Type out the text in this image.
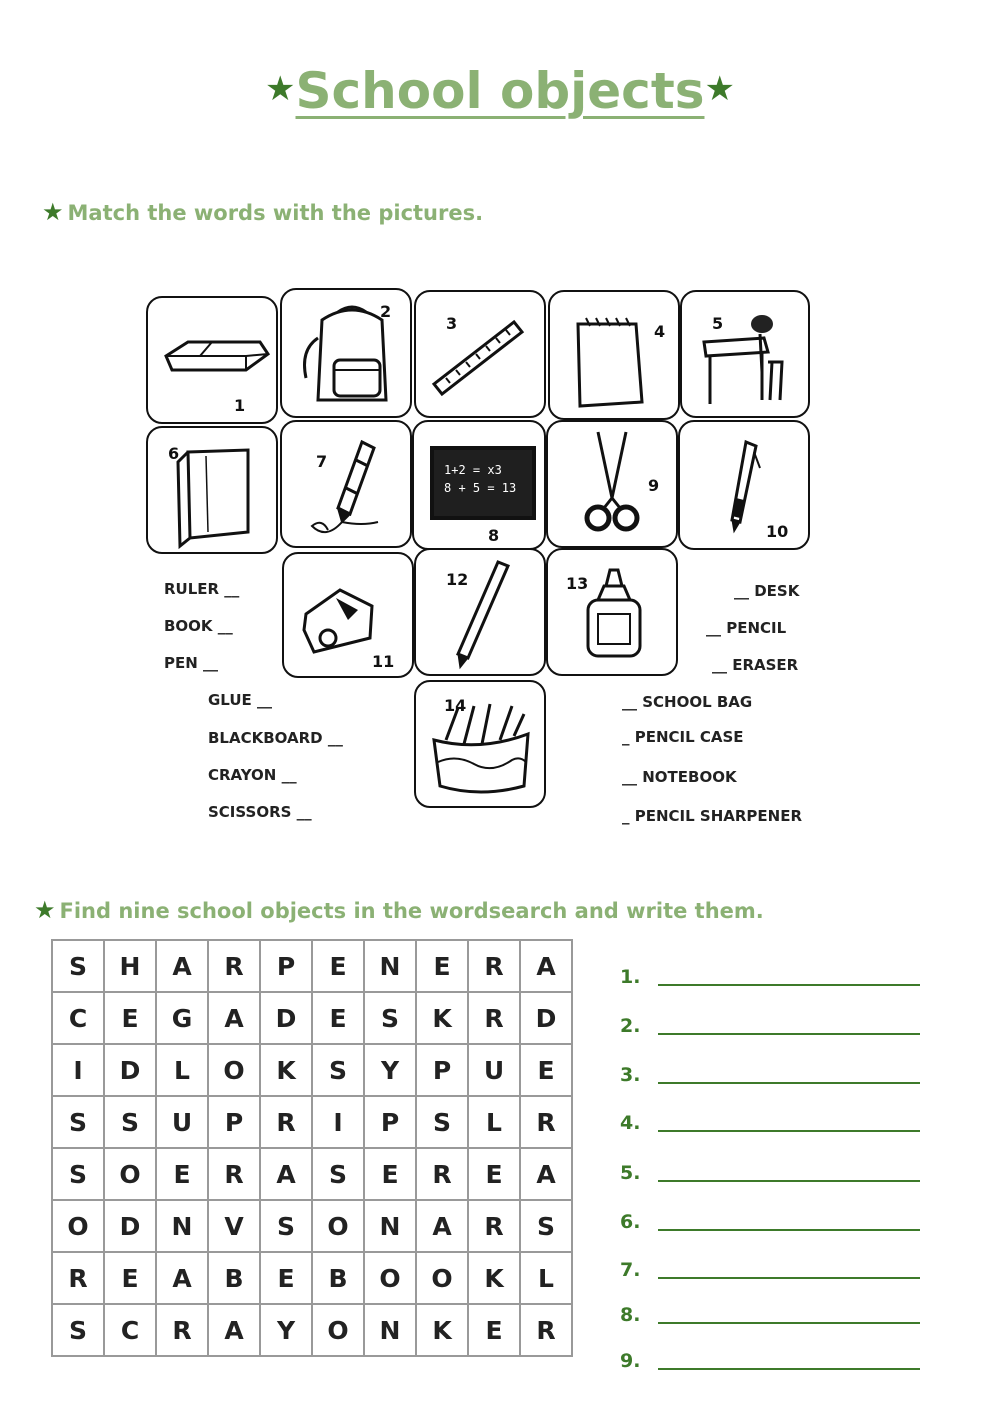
★School objects★
★ Match the words with the pictures.
1
2
3	4	5
6	7	1+2 = x3
8 + 5 = 13
8
9
10
11
12	13
14
RULER __
BOOK __
PEN __
GLUE __
BLACKBOARD __
CRAYON __
SCISSORS __
__ DESK
__ PENCIL
__ ERASER
__ SCHOOL BAG
_ PENCIL CASE
__ NOTEBOOK
_ PENCIL SHARPENER
★ Find nine school objects in the wordsearch and write them.
S	H	A	R	P	E	N	E	R	A
C	E	G	A	D	E	S	K	R	D
I	D	L	O	K	S	Y	P	U	E
S	S	U	P	R	I	P	S	L	R
S	O	E	R	A	S	E	R	E	A
O	D	N	V	S	O	N	A	R	S
R	E	A	B	E	B	O	O	K	L
S	C	R	A	Y	O	N	K	E	R
1.
2.
3.
4.
5.
6.
7.
8.
9.
